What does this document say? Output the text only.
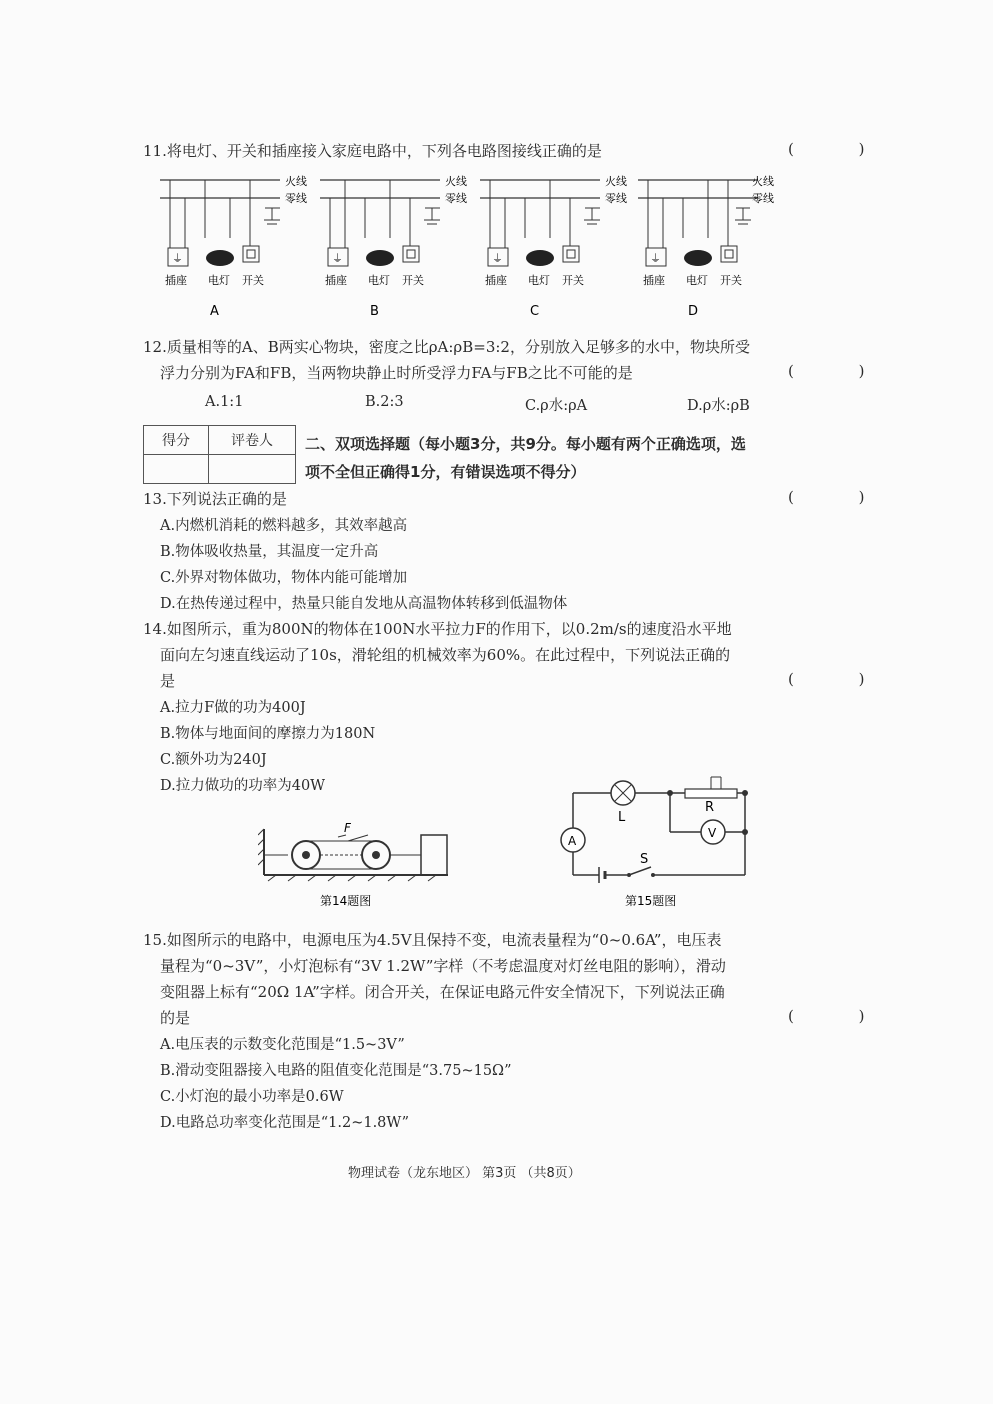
11.将电灯、开关和插座接入家庭电路中，下列各电路图接线正确的是	( )
火线
零线
⏚
插座 电灯 开关
A
火线
零线
⏚
插座 电灯 开关
B
火线
零线
⏚
插座 电灯 开关
C
火线
零线
⏚
插座 电灯 开关
D
12.质量相等的A、B两实心物块，密度之比ρA:ρB=3:2，分别放入足够多的水中，物块所受
浮力分别为FA和FB，当两物块静止时所受浮力FA与FB之比不可能的是	( )
A.1:1	B.2:3	C.ρ水:ρA	D.ρ水:ρB
得分	评卷人
	二、双项选择题（每小题3分，共9分。每小题有两个正确选项，选
项不全但正确得1分，有错误选项不得分）
13.下列说法正确的是	( )
A.内燃机消耗的燃料越多，其效率越高
B.物体吸收热量，其温度一定升高
C.外界对物体做功，物体内能可能增加
D.在热传递过程中，热量只能自发地从高温物体转移到低温物体
14.如图所示，重为800N的物体在100N水平拉力F的作用下，以0.2m/s的速度沿水平地
面向左匀速直线运动了10s，滑轮组的机械效率为60%。在此过程中，下列说法正确的
是	( )
A.拉力F做的功为400J
B.物体与地面间的摩擦力为180N
C.额外功为240J
D.拉力做功的功率为40W
F
第14题图
L
R
V
A
S
第15题图
15.如图所示的电路中，电源电压为4.5V且保持不变，电流表量程为“0~0.6A”，电压表
量程为“0~3V”，小灯泡标有“3V 1.2W”字样（不考虑温度对灯丝电阻的影响），滑动
变阻器上标有“20Ω 1A”字样。闭合开关，在保证电路元件安全情况下，下列说法正确
的是	( )
A.电压表的示数变化范围是“1.5~3V”
B.滑动变阻器接入电路的阻值变化范围是“3.75~15Ω”
C.小灯泡的最小功率是0.6W
D.电路总功率变化范围是“1.2~1.8W”
物理试卷（龙东地区） 第3页 （共8页）
